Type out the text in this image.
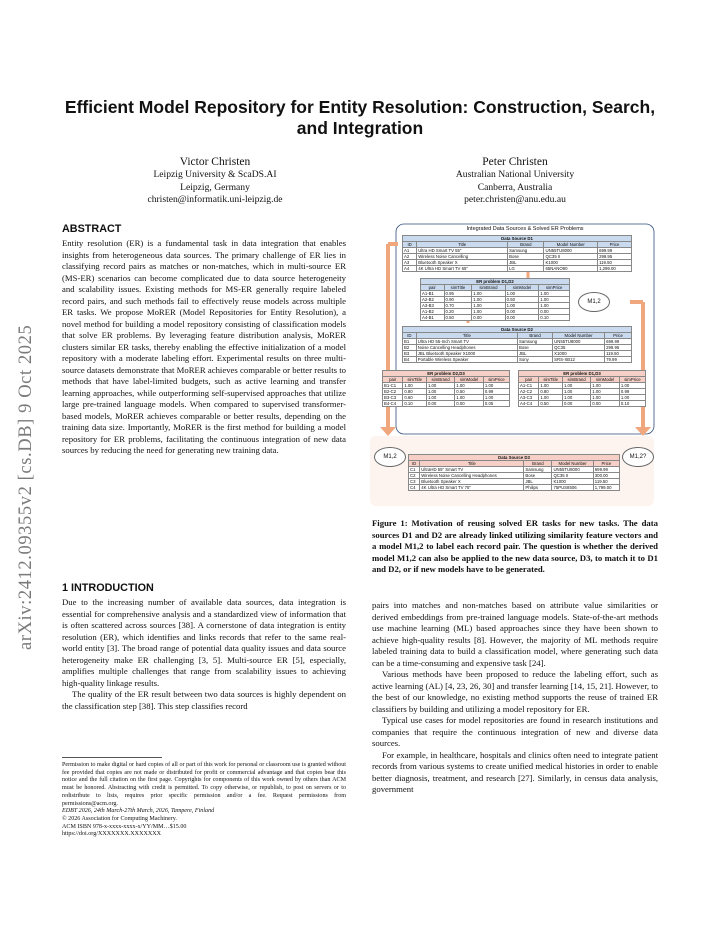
arXiv:2412.09355v2 [cs.DB] 9 Oct 2025
Efficient Model Repository for Entity Resolution: Construction, Search, and Integration
Victor Christen
Leipzig University & ScaDS.AI
Leipzig, Germany
christen@informatik.uni-leipzig.de
Peter Christen
Australian National University
Canberra, Australia
peter.christen@anu.edu.au
ABSTRACT

Entity resolution (ER) is a fundamental task in data integration that enables insights from heterogeneous data sources. The primary challenge of ER lies in classifying record pairs as matches or non-matches, which in multi-source ER (MS-ER) scenarios can become complicated due to data source heterogeneity and scalability issues. Existing methods for MS-ER generally require labeled record pairs, and such methods fail to effectively reuse models across multiple ER tasks. We propose MoRER (Model Repositories for Entity Resolution), a novel method for building a model repository consisting of classification models that solve ER problems. By leveraging feature distribution analysis, MoRER clusters similar ER tasks, thereby enabling the effective initialization of a model repository with a moderate labeling effort. Experimental results on three multi-source datasets demonstrate that MoRER achieves comparable or better results to methods that have label-limited budgets, such as active learning and transfer learning approaches, while outperforming self-supervised approaches that utilize large pre-trained language models. When compared to supervised transformer-based models, MoRER achieves comparable or better results, depending on the training data size. Importantly, MoRER is the first method for building a model repository for ER problems, facilitating the continuous integration of new data sources by reducing the need for generating new training data.

1 INTRODUCTION

Due to the increasing number of available data sources, data integration is essential for comprehensive analysis and a standardized view of information that is often scattered across sources [38]. A cornerstone of data integration is entity resolution (ER), which identifies and links records that refer to the same real-world entity [3]. The broad range of potential data quality issues and data source heterogeneity make ER challenging [3, 5]. Multi-source ER [5], especially, amplifies multiple challenges that range from scalability issues to achieving high-quality linkage results.

The quality of the ER result between two data sources is highly dependent on the classification step [38]. This step classifies record

Permission to make digital or hard copies of all or part of this work for personal or classroom use is granted without fee provided that copies are not made or distributed for profit or commercial advantage and that copies bear this notice and the full citation on the first page. Copyrights for components of this work owned by others than ACM must be honored. Abstracting with credit is permitted. To copy otherwise, or republish, to post on servers or to redistribute to lists, requires prior specific permission and/or a fee. Request permissions from permissions@acm.org.
EDBT 2026, 24th March-27th March, 2026, Tampere, Finland
© 2026 Association for Computing Machinery.
ACM ISBN 978-x-xxxx-xxxx-x/YY/MM…$15.00
https://doi.org/XXXXXXX.XXXXXXX
Integrated Data Sources & Solved ER Problems
Data Source D1				
ID	Title	Brand	Model Number	Price
A1	Ultra HD Smart TV 55"	Samsung	UN55TU8000	699.99
A2	Wireless Noise Cancelling	Bose	QC35 II	299.95
A3	Bluetooth Speaker X	JBL	K1000	119.50
A4	4K Ultra HD Smart TV 65"	LG	65NANO90	1,299.00
ER problem D1,D2				
pair	simTitle	simBrand	simModel	simPrice
A1-B1	0.95	1.00	1.00	1.00
A2-B2	0.90	1.00	0.50	1.00
A3-B3	0.70	1.00	1.00	1.00
A1-B2	0.20	1.00	0.00	0.00
A4-B1	0.50	0.00	0.00	0.10
M1,2
Data Source D2				
ID	Title	Brand	Model Number	Price
B1	Ultra HD 55-Inch Smart TV	Samsung	UN55TU8000	699.99
B2	Noise Cancelling Headphones	Bose	QC35	299.95
B3	JBL Bluetooth Speaker X1000	JBL	X1000	119.50
B4	Portable Wireless Speaker	Sony	SRS-XB12	79.99
ER problem D2,D3				
pair	simTitle	simBrand	simModel	simPrice
B1-C1	1.00	1.00	1.00	1.00
B2-C2	0.80	1.00	0.50	0.99
B3-C3	0.60	1.00	1.00	1.00
B4-C4	0.10	0.00	0.00	0.05
ER problem D1,D3				
pair	simTitle	simBrand	simModel	simPrice
A1-C1	1.00	1.00	1.00	1.00
A2-C2	0.80	1.00	1.00	0.99
A3-C3	1.00	1.00	1.00	1.00
A4-C4	0.50	0.00	0.00	0.10
M1,2	M1,2?
Data Source D3				
ID	Title	Brand	Model Number	Price
C1	UltraHD 55" Smart TV	Samsung	UN55TU8000	699.99
C2	Wireless Noise Cancelling Headphones	Bose	QC35 II	300.00
C3	Bluetooth Speaker X	JBL	K1000	119.50
C4	4K Ultra HD Smart TV 75"	Philips	75PUS8506	1,799.00
Figure 1: Motivation of reusing solved ER tasks for new tasks. The data sources D1 and D2 are already linked utilizing similarity feature vectors and a model M1,2 to label each record pair. The question is whether the derived model M1,2 can also be applied to the new data source, D3, to match it to D1 and D2, or if new models have to be generated.

pairs into matches and non-matches based on attribute value similarities or derived embeddings from pre-trained language models. State-of-the-art methods use machine learning (ML) based approaches since they have been shown to achieve high-quality results [8]. However, the majority of ML methods require labeled training data to build a classification model, where generating such data can be a time-consuming and expensive task [24].

Various methods have been proposed to reduce the labeling effort, such as active learning (AL) [4, 23, 26, 30] and transfer learning [14, 15, 21]. However, to the best of our knowledge, no existing method supports the reuse of trained ER classifiers by building and utilizing a model repository for ER.

Typical use cases for model repositories are found in research institutions and companies that require the continuous integration of new and diverse data sources.

For example, in healthcare, hospitals and clinics often need to integrate patient records from various systems to create unified medical histories in order to enable better diagnosis, treatment, and research [27]. Similarly, in census data analysis, government
